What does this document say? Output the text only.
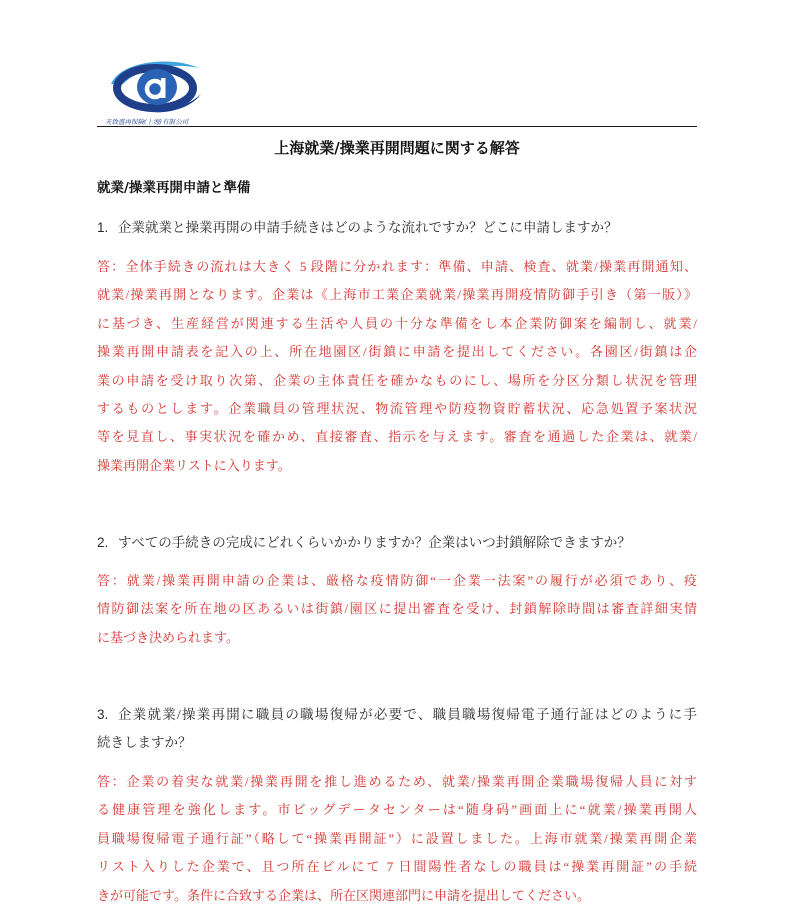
天致盛再保險(上海)有限公司
上海就業/操業再開問題に関する解答
就業/操業再開申請と準備
1. 企業就業と操業再開の申請手続きはどのような流れですか？どこに申請しますか？
答：全体手続きの流れは大きく 5 段階に分かれます：準備、申請、検査、就業/操業再開通知、
就業/操業再開となります。企業は《上海市工業企業就業/操業再開疫情防御手引き（第一版）》
に基づき、生産経営が関連する生活や人員の十分な準備をし本企業防御案を編制し、就業/
操業再開申請表を記入の上、所在地園区/街鎮に申請を提出してください。各園区/街鎮は企
業の申請を受け取り次第、企業の主体責任を確かなものにし、場所を分区分類し状況を管理
するものとします。企業職員の管理状況、物流管理や防疫物資貯蓄状況、応急処置予案状況
等を見直し、事実状況を確かめ、直接審査、指示を与えます。審査を通過した企業は、就業/
操業再開企業リストに入ります。
2. すべての手続きの完成にどれくらいかかりますか？企業はいつ封鎖解除できますか？
答：就業/操業再開申請の企業は、厳格な疫情防御“一企業一法案”の履行が必須であり、疫
情防御法案を所在地の区あるいは街鎮/園区に提出審査を受け、封鎖解除時間は審査詳細実情
に基づき決められます。
3. 企業就業/操業再開に職員の職場復帰が必要で、職員職場復帰電子通行証はどのように手
続きしますか？
答：企業の着実な就業/操業再開を推し進めるため、就業/操業再開企業職場復帰人員に対す
る健康管理を強化します。市ビッグデータセンターは“随身码”画面上に“就業/操業再開人
員職場復帰電子通行証”（略して“操業再開証”）に設置しました。上海市就業/操業再開企業
リスト入りした企業で、且つ所在ビルにて 7 日間陽性者なしの職員は“操業再開証”の手続
きが可能です。条件に合致する企業は、所在区関連部門に申請を提出してください。
